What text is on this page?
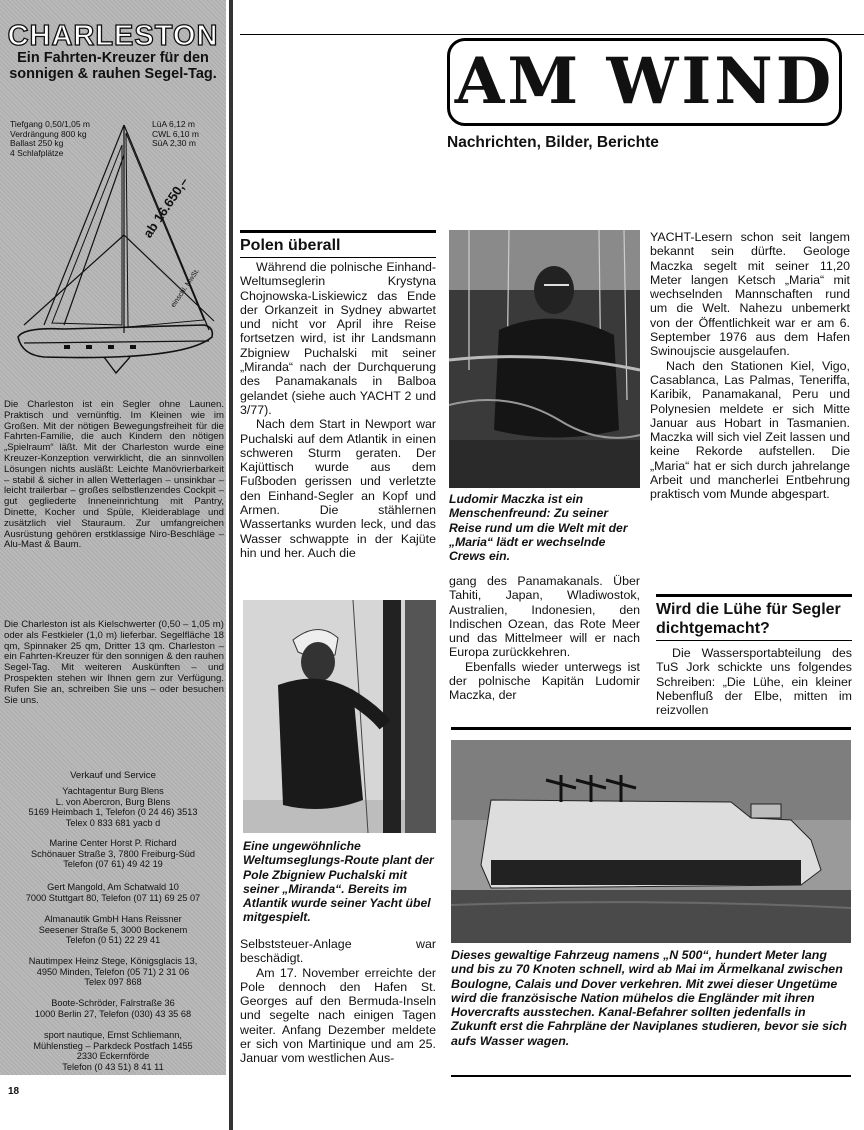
CHARLESTON
Ein Fahrten-Kreuzer für den sonnigen & rauhen Segel-Tag.
Tiefgang 0,50/1,05 m
Verdrängung 800 kg
Ballast 250 kg
4 Schlafplätze
LüA 6,12 m
CWL 6,10 m
SüA 2,30 m
ab 16.650,–
einschl. MwSt.
Die Charleston ist ein Segler ohne Launen. Praktisch und vernünftig. Im Kleinen wie im Großen. Mit der nötigen Bewegungsfreiheit für die Fahrten-Familie, die auch Kindern den nötigen „Spielraum“ läßt. Mit der Charleston wurde eine Kreuzer-Konzeption verwirklicht, die an sinnvollen Lösungen nichts ausläßt: Leichte Manövrierbarkeit – stabil & sicher in allen Wetterlagen – unsinkbar – leicht trailerbar – großes selbstlenzendes Cockpit – gut gegliederte Inneneinrichtung mit Pantry, Dinette, Kocher und Spüle, Kleiderablage und zusätzlich viel Stauraum. Zur umfangreichen Ausrüstung gehören erstklassige Niro-Beschläge – Alu-Mast & Baum.
Die Charleston ist als Kielschwerter (0,50 – 1,05 m) oder als Festkieler (1,0 m) lieferbar. Segelfläche 18 qm, Spinnaker 25 qm, Dritter 13 qm. Charleston – ein Fahrten-Kreuzer für den sonnigen & den rauhen Segel-Tag. Mit weiteren Auskünften – und Prospekten stehen wir Ihnen gern zur Verfügung. Rufen Sie an, schreiben Sie uns – oder besuchen Sie uns.
Verkauf und Service
Yachtagentur Burg Blens
L. von Abercron, Burg Blens
5169 Heimbach 1, Telefon (0 24 46) 3513
Telex 0 833 681 yacb d
Marine Center Horst P. Richard
Schönauer Straße 3, 7800 Freiburg-Süd
Telefon (07 61) 49 42 19
Gert Mangold, Am Schatwald 10
7000 Stuttgart 80, Telefon (07 11) 69 25 07
Almanautik GmbH Hans Reissner
Seesener Straße 5, 3000 Bockenem
Telefon (0 51) 22 29 41
Nautimpex Heinz Stege, Königsglacis 13,
4950 Minden, Telefon (05 71) 2 31 06
Telex 097 868
Boote-Schröder, Falrstraße 36
1000 Berlin 27, Telefon (030) 43 35 68
sport nautique, Ernst Schliemann,
Mühlenstieg – Parkdeck Postfach 1455
2330 Eckernförde
Telefon (0 43 51) 8 41 11
18
AM WIND
Nachrichten, Bilder, Berichte
Polen überall

Während die polnische Einhand-Weltumseglerin Krystyna Chojnowska-Liskiewicz das Ende der Orkanzeit in Sydney abwartet und nicht vor April ihre Reise fortsetzen wird, ist ihr Landsmann Zbigniew Puchalski mit seiner „Miranda“ nach der Durchquerung des Panamakanals in Balboa gelandet (siehe auch YACHT 2 und 3/77).

Nach dem Start in Newport war Puchalski auf dem Atlantik in einen schweren Sturm geraten. Der Kajüttisch wurde aus dem Fußboden gerissen und verletzte den Einhand-Segler an Kopf und Armen. Die stählernen Wassertanks wurden leck, und das Wasser schwappte in der Kajüte hin und her. Auch die

Eine ungewöhnliche Weltumseglungs-Route plant der Pole Zbigniew Puchalski mit seiner „Miranda“. Bereits im Atlantik wurde seiner Yacht übel mitgespielt.

Selbststeuer-Anlage war beschädigt.

Am 17. November erreichte der Pole dennoch den Hafen St. Georges auf den Bermuda-Inseln und segelte nach einigen Tagen weiter. Anfang Dezember meldete er sich von Martinique und am 25. Januar vom westlichen Aus-

Ludomir Maczka ist ein Menschenfreund: Zu seiner Reise rund um die Welt mit der „Maria“ lädt er wechselnde Crews ein.

gang des Panamakanals. Über Tahiti, Japan, Wladiwostok, Australien, Indonesien, den Indischen Ozean, das Rote Meer und das Mittelmeer will er nach Europa zurückkehren.

Ebenfalls wieder unterwegs ist der polnische Kapitän Ludomir Maczka, der

YACHT-Lesern schon seit langem bekannt sein dürfte. Geologe Maczka segelt mit seiner 11,20 Meter langen Ketsch „Maria“ mit wechselnden Mannschaften rund um die Welt. Nahezu unbemerkt von der Öffentlichkeit war er am 6. September 1976 aus dem Hafen Swinoujscie ausgelaufen.

Nach den Stationen Kiel, Vigo, Casablanca, Las Palmas, Teneriffa, Karibik, Panamakanal, Peru und Polynesien meldete er sich Mitte Januar aus Hobart in Tasmanien. Maczka will sich viel Zeit lassen und keine Rekorde aufstellen. Die „Maria“ hat er sich durch jahrelange Arbeit und mancherlei Entbehrung praktisch vom Munde abgespart.

Wird die Lühe für Segler dichtgemacht?

Die Wassersportabteilung des TuS Jork schickte uns folgendes Schreiben: „Die Lühe, ein kleiner Nebenfluß der Elbe, mitten im reizvollen

Dieses gewaltige Fahrzeug namens „N 500“, hundert Meter lang und bis zu 70 Knoten schnell, wird ab Mai im Ärmelkanal zwischen Boulogne, Calais und Dover verkehren. Mit zwei dieser Ungetüme wird die französische Nation mühelos die Engländer mit ihren Hovercrafts ausstechen. Kanal-Befahrer sollten jedenfalls in Zukunft erst die Fahrpläne der Naviplanes studieren, bevor sie sich aufs Wasser wagen.
